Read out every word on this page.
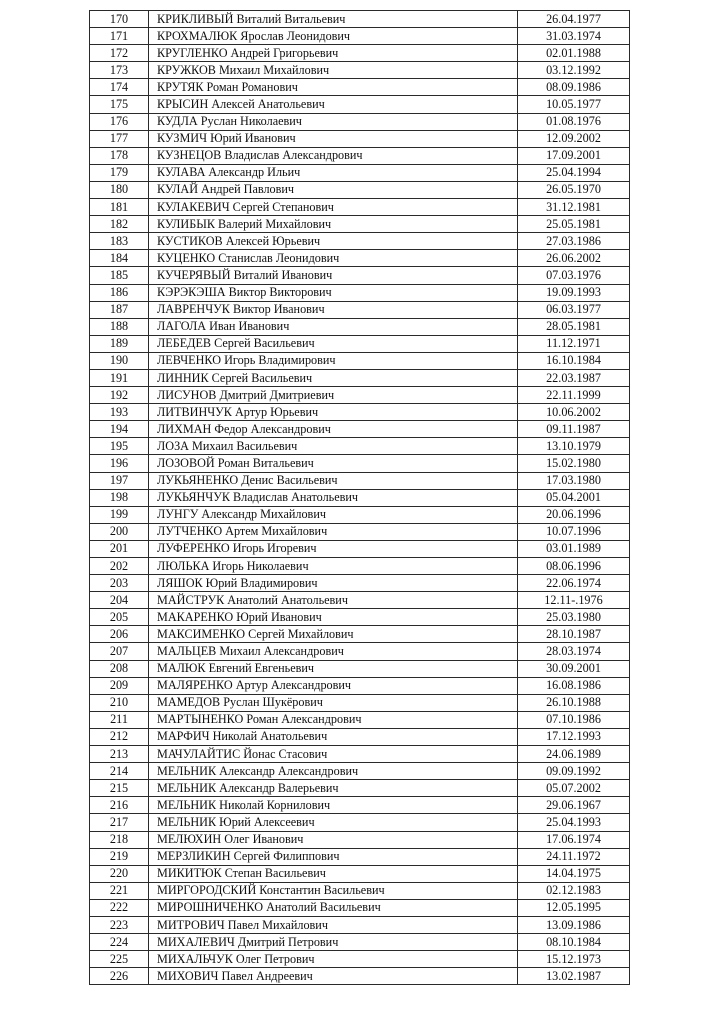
170	КРИКЛИВЫЙ Виталий Витальевич	26.04.1977
171	КРОХМАЛЮК Ярослав Леонидович	31.03.1974
172	КРУГЛЕНКО Андрей Григорьевич	02.01.1988
173	КРУЖКОВ Михаил Михайлович	03.12.1992
174	КРУТЯК Роман Романович	08.09.1986
175	КРЫСИН Алексей Анатольевич	10.05.1977
176	КУДЛА Руслан Николаевич	01.08.1976
177	КУЗМИЧ Юрий Иванович	12.09.2002
178	КУЗНЕЦОВ Владислав Александрович	17.09.2001
179	КУЛАВА Александр Ильич	25.04.1994
180	КУЛАЙ Андрей Павлович	26.05.1970
181	КУЛАКЕВИЧ Сергей Степанович	31.12.1981
182	КУЛИБЫК Валерий Михайлович	25.05.1981
183	КУСТИКОВ Алексей Юрьевич	27.03.1986
184	КУЦЕНКО Станислав Леонидович	26.06.2002
185	КУЧЕРЯВЫЙ Виталий Иванович	07.03.1976
186	КЭРЭКЭША Виктор Викторович	19.09.1993
187	ЛАВРЕНЧУК Виктор Иванович	06.03.1977
188	ЛАГОЛА Иван Иванович	28.05.1981
189	ЛЕБЕДЕВ Сергей Васильевич	11.12.1971
190	ЛЕВЧЕНКО Игорь Владимирович	16.10.1984
191	ЛИННИК Сергей Васильевич	22.03.1987
192	ЛИСУНОВ Дмитрий Дмитриевич	22.11.1999
193	ЛИТВИНЧУК Артур Юрьевич	10.06.2002
194	ЛИХМАН Федор Александрович	09.11.1987
195	ЛОЗА Михаил Васильевич	13.10.1979
196	ЛОЗОВОЙ Роман Витальевич	15.02.1980
197	ЛУКЬЯНЕНКО Денис Васильевич	17.03.1980
198	ЛУКЬЯНЧУК Владислав Анатольевич	05.04.2001
199	ЛУНГУ Александр Михайлович	20.06.1996
200	ЛУТЧЕНКО Артем Михайлович	10.07.1996
201	ЛУФЕРЕНКО Игорь Игоревич	03.01.1989
202	ЛЮЛЬКА Игорь Николаевич	08.06.1996
203	ЛЯШОК Юрий Владимирович	22.06.1974
204	МАЙСТРУК Анатолий Анатольевич	12.11-.1976
205	МАКАРЕНКО Юрий Иванович	25.03.1980
206	МАКСИМЕНКО Сергей Михайлович	28.10.1987
207	МАЛЬЦЕВ Михаил Александрович	28.03.1974
208	МАЛЮК Евгений Евгеньевич	30.09.2001
209	МАЛЯРЕНКО Артур Александрович	16.08.1986
210	МАМЕДОВ Руслан Шукёрович	26.10.1988
211	МАРТЫНЕНКО Роман Александрович	07.10.1986
212	МАРФИЧ Николай Анатольевич	17.12.1993
213	МАЧУЛАЙТИС Йонас Стасович	24.06.1989
214	МЕЛЬНИК Александр Александрович	09.09.1992
215	МЕЛЬНИК Александр Валерьевич	05.07.2002
216	МЕЛЬНИК Николай Корнилович	29.06.1967
217	МЕЛЬНИК Юрий Алексеевич	25.04.1993
218	МЕЛЮХИН Олег Иванович	17.06.1974
219	МЕРЗЛИКИН Сергей Филиппович	24.11.1972
220	МИКИТЮК Степан Васильевич	14.04.1975
221	МИРГОРОДСКИЙ Константин Васильевич	02.12.1983
222	МИРОШНИЧЕНКО Анатолий Васильевич	12.05.1995
223	МИТРОВИЧ Павел Михайлович	13.09.1986
224	МИХАЛЕВИЧ Дмитрий Петрович	08.10.1984
225	МИХАЛЬЧУК Олег Петрович	15.12.1973
226	МИХОВИЧ Павел Андреевич	13.02.1987
